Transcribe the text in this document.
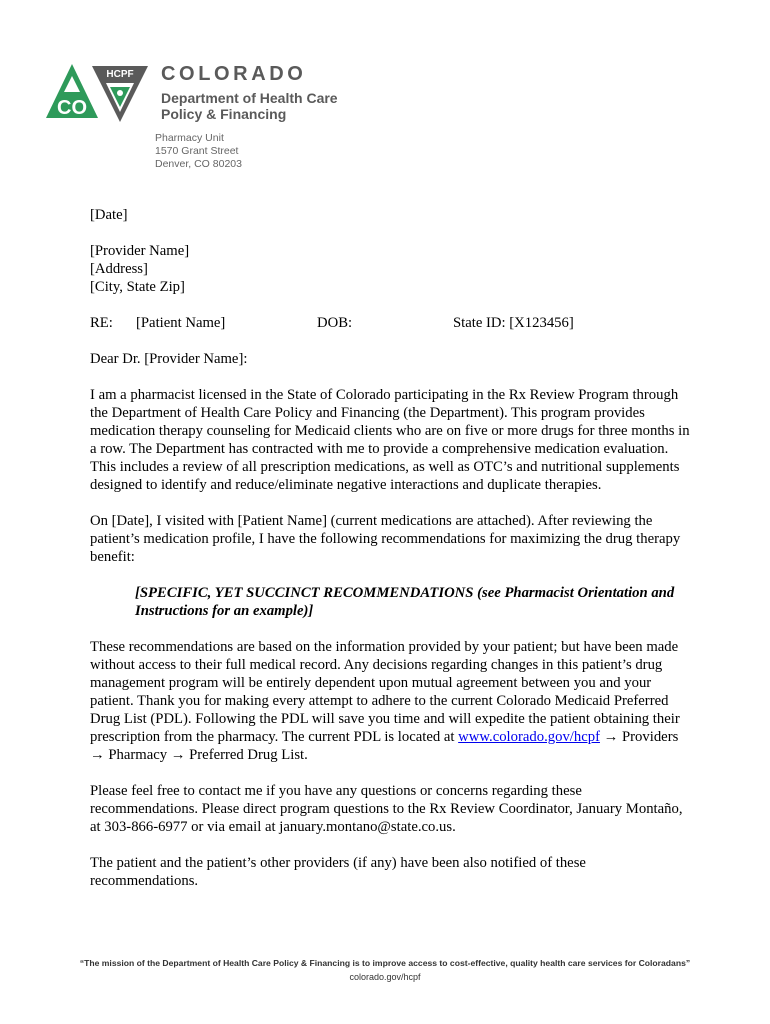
CO
HCPF COLORADO
Department of Health Care
Policy & Financing
Pharmacy Unit
1570 Grant Street
Denver, CO 80203

[Date]

[Provider Name]

[Address]

[City, State Zip]

RE: [Patient Name]	DOB:	State ID: [X123456]

Dear Dr. [Provider Name]:

I am a pharmacist licensed in the State of Colorado participating in the Rx Review Program through the Department of Health Care Policy and Financing (the Department). This program provides medication therapy counseling for Medicaid clients who are on five or more drugs for three months in a row. The Department has contracted with me to provide a comprehensive medication evaluation. This includes a review of all prescription medications, as well as OTC’s and nutritional supplements designed to identify and reduce/eliminate negative interactions and duplicate therapies.

On [Date], I visited with [Patient Name] (current medications are attached). After reviewing the patient’s medication profile, I have the following recommendations for maximizing the drug therapy benefit:

[SPECIFIC, YET SUCCINCT RECOMMENDATIONS (see Pharmacist Orientation and Instructions for an example)]

These recommendations are based on the information provided by your patient; but have been made without access to their full medical record. Any decisions regarding changes in this patient’s drug management program will be entirely dependent upon mutual agreement between you and your patient. Thank you for making every attempt to adhere to the current Colorado Medicaid Preferred Drug List (PDL). Following the PDL will save you time and will expedite the patient obtaining their prescription from the pharmacy. The current PDL is located at www.colorado.gov/hcpf → Providers → Pharmacy → Preferred Drug List.

Please feel free to contact me if you have any questions or concerns regarding these recommendations. Please direct program questions to the Rx Review Coordinator, January Montaño, at 303-866-6977 or via email at january.montano@state.co.us.

The patient and the patient’s other providers (if any) have been also notified of these recommendations.

“The mission of the Department of Health Care Policy & Financing is to improve access to cost-effective, quality health care services for Coloradans”
colorado.gov/hcpf
